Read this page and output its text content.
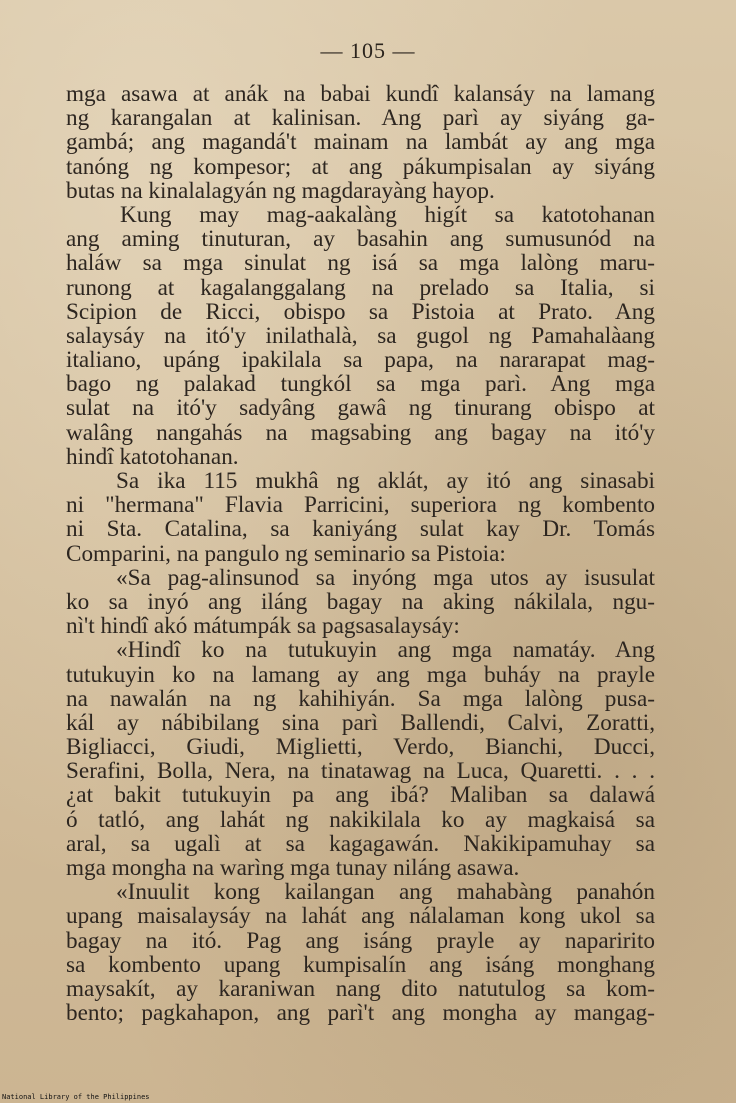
— 105 —
mga asawa at anák na babai kundî kalansáy na lamang
ng karangalan at kalinisan. Ang parì ay siyáng ga-
gambá; ang magandá't mainam na lambát ay ang mga
tanóng ng kompesor; at ang pákumpisalan ay siyáng
butas na kinalalagyán ng magdarayàng hayop.
Kung may mag-aakalàng higít sa katotohanan
ang aming tinuturan, ay basahin ang sumusunód na
haláw sa mga sinulat ng isá sa mga lalòng maru-
runong at kagalanggalang na prelado sa Italia, si
Scipion de Ricci, obispo sa Pistoia at Prato. Ang
salaysáy na itó'y inilathalà, sa gugol ng Pamahalàang
italiano, upáng ipakilala sa papa, na nararapat mag-
bago ng palakad tungkól sa mga parì. Ang mga
sulat na itó'y sadyâng gawâ ng tinurang obispo at
walâng nangahás na magsabing ang bagay na itó'y
hindî katotohanan.
Sa ika 115 mukhâ ng aklát, ay itó ang sinasabi
ni "hermana" Flavia Parricini, superiora ng kombento
ni Sta. Catalina, sa kaniyáng sulat kay Dr. Tomás
Comparini, na pangulo ng seminario sa Pistoia:
«Sa pag-alinsunod sa inyóng mga utos ay isusulat
ko sa inyó ang iláng bagay na aking nákilala, ngu-
nì't hindî akó mátumpák sa pagsasalaysáy:
«Hindî ko na tutukuyin ang mga namatáy. Ang
tutukuyin ko na lamang ay ang mga buháy na prayle
na nawalán na ng kahihiyán. Sa mga lalòng pusa-
kál ay nábibilang sina parì Ballendi, Calvi, Zoratti,
Bigliacci, Giudi, Miglietti, Verdo, Bianchi, Ducci,
Serafini, Bolla, Nera, na tinatawag na Luca, Quaretti. . . .
¿at bakit tutukuyin pa ang ibá? Maliban sa dalawá
ó tatló, ang lahát ng nakikilala ko ay magkaisá sa
aral, sa ugalì at sa kagagawán. Nakikipamuhay sa
mga mongha na warìng mga tunay niláng asawa.
«Inuulit kong kailangan ang mahabàng panahón
upang maisalaysáy na lahát ang nálalaman kong ukol sa
bagay na itó. Pag ang isáng prayle ay naparirito
sa kombento upang kumpisalín ang isáng monghang
maysakít, ay karaniwan nang dito natutulog sa kom-
bento; pagkahapon, ang parì't ang mongha ay mangag-
National Library of the Philippines
